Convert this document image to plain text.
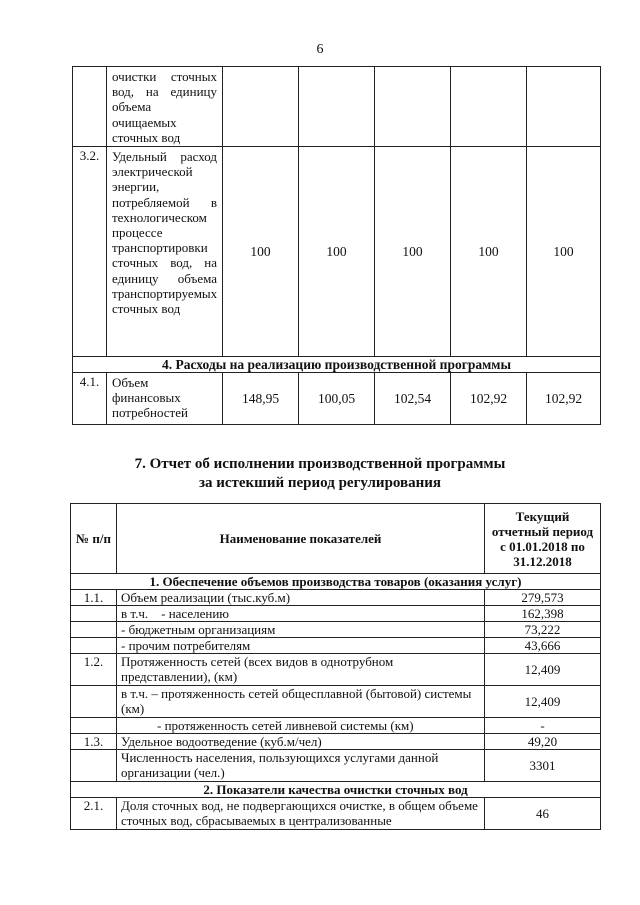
6
	очистки сточных вод, на единицу объема очищаемых сточных вод					
3.2.	Удельный расход электрической энергии, потребляемой в технологическом процессе транспортировки сточных вод, на единицу объема транспортируемых сточных вод	100	100	100	100	100
4. Расходы на реализацию производственной программы						
4.1.	Объем финансовых потребностей	148,95	100,05	102,54	102,92	102,92
7. Отчет об исполнении производственной программы
за истекший период регулирования
№ п/п	Наименование показателей	Текущий отчетный период с 01.01.2018 по 31.12.2018
1. Обеспечение объемов производства товаров (оказания услуг)		
1.1.	Объем реализации (тыс.куб.м)	279,573
	в т.ч.    - населению	162,398
	- бюджетным организациям	73,222
	- прочим потребителям	43,666
1.2.	Протяженность сетей (всех видов в однотрубном представлении), (км)	12,409
	в т.ч. – протяженность сетей общесплавной (бытовой) системы (км)	12,409
	- протяженность сетей ливневой системы (км)	-
1.3.	Удельное водоотведение (куб.м/чел)	49,20
	Численность населения, пользующихся услугами данной организации (чел.)	3301
2. Показатели качества очистки сточных вод		
2.1.	Доля сточных вод, не подвергающихся очистке, в общем объеме сточных вод, сбрасываемых в централизованные	46
